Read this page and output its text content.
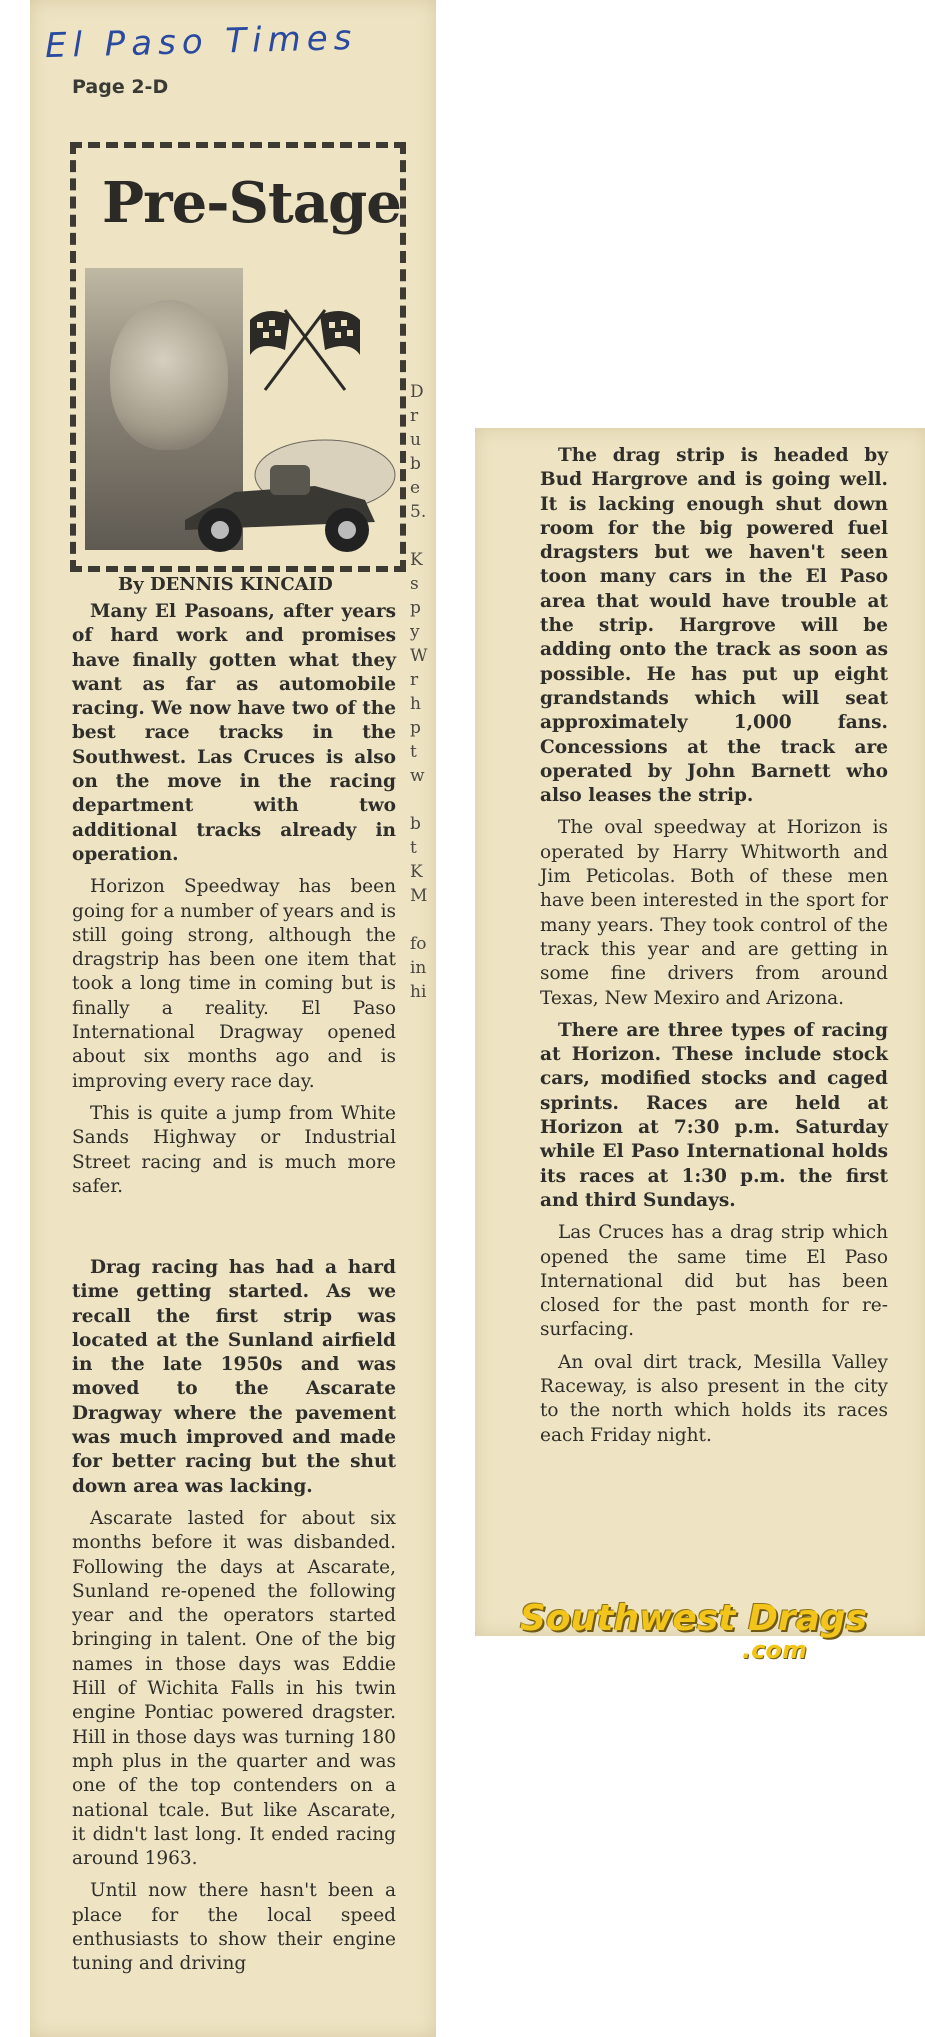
El Paso Times
Page 2-D
Pre-Stage
By DENNIS KINCAID

Many El Pasoans, after years of hard work and promises have finally gotten what they want as far as automobile racing. We now have two of the best race tracks in the Southwest. Las Cruces is also on the move in the racing department with two additional tracks already in operation.

Horizon Speedway has been going for a number of years and is still going strong, although the dragstrip has been one item that took a long time in coming but is finally a reality. El Paso International Dragway opened about six months ago and is improving every race day.

This is quite a jump from White Sands Highway or Industrial Street racing and is much more safer.

Drag racing has had a hard time getting started. As we recall the first strip was located at the Sunland airfield in the late 1950s and was moved to the Ascarate Dragway where the pavement was much improved and made for better racing but the shut down area was lacking.

Ascarate lasted for about six months before it was disbanded. Following the days at Ascarate, Sunland re-opened the following year and the operators started bringing in talent. One of the big names in those days was Eddie Hill of Wichita Falls in his twin engine Pontiac powered dragster. Hill in those days was turning 180 mph plus in the quarter and was one of the top contenders on a national tcale. But like Ascarate, it didn't last long. It ended racing around 1963.

Until now there hasn't been a place for the local speed enthusiasts to show their engine tuning and driving

The drag strip is headed by Bud Hargrove and is going well. It is lacking enough shut down room for the big powered fuel dragsters but we haven't seen toon many cars in the El Paso area that would have trouble at the strip. Hargrove will be adding onto the track as soon as possible. He has put up eight grandstands which will seat approximately 1,000 fans. Concessions at the track are operated by John Barnett who also leases the strip.

The oval speedway at Horizon is operated by Harry Whitworth and Jim Peticolas. Both of these men have been interested in the sport for many years. They took control of the track this year and are getting in some fine drivers from around Texas, New Mexiro and Arizona.

There are three types of racing at Horizon. These include stock cars, modified stocks and caged sprints. Races are held at Horizon at 7:30 p.m. Saturday while El Paso International holds its races at 1:30 p.m. the first and third Sundays.

Las Cruces has a drag strip which opened the same time El Paso International did but has been closed for the past month for re-surfacing.

An oval dirt track, Mesilla Valley Raceway, is also present in the city to the north which holds its races each Friday night.

D
r
u
b
e
5.

K
s
p
y
W
r
h
p
t
w

b
t
K
M

fo
in
hi
Southwest Drags
.com
